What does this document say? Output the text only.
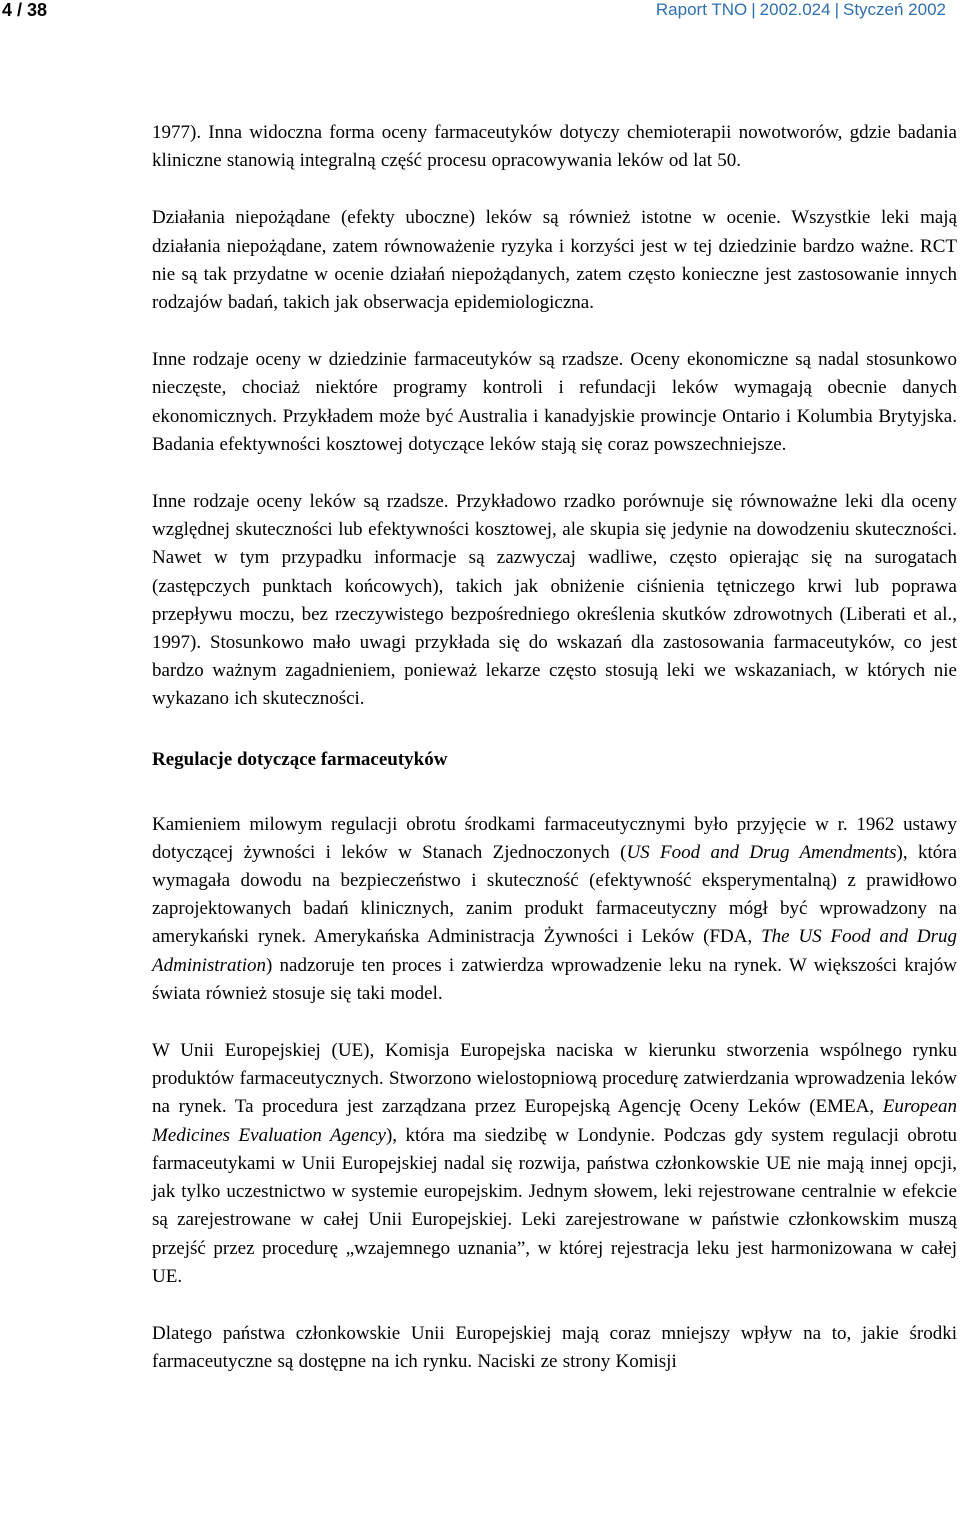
4 / 38	Raport TNO | 2002.024 | Styczeń 2002

1977). Inna widoczna forma oceny farmaceutyków dotyczy chemioterapii nowotworów, gdzie badania kliniczne stanowią integralną część procesu opracowywania leków od lat 50.

Działania niepożądane (efekty uboczne) leków są również istotne w ocenie. Wszystkie leki mają działania niepożądane, zatem równoważenie ryzyka i korzyści jest w tej dziedzinie bardzo ważne. RCT nie są tak przydatne w ocenie działań niepożądanych, zatem często konieczne jest zastosowanie innych rodzajów badań, takich jak obserwacja epidemiologiczna.

Inne rodzaje oceny w dziedzinie farmaceutyków są rzadsze. Oceny ekonomiczne są nadal stosunkowo nieczęste, chociaż niektóre programy kontroli i refundacji leków wymagają obecnie danych ekonomicznych. Przykładem może być Australia i kanadyjskie prowincje Ontario i Kolumbia Brytyjska. Badania efektywności kosztowej dotyczące leków stają się coraz powszechniejsze.

Inne rodzaje oceny leków są rzadsze. Przykładowo rzadko porównuje się równoważne leki dla oceny względnej skuteczności lub efektywności kosztowej, ale skupia się jedynie na dowodzeniu skuteczności. Nawet w tym przypadku informacje są zazwyczaj wadliwe, często opierając się na surogatach (zastępczych punktach końcowych), takich jak obniżenie ciśnienia tętniczego krwi lub poprawa przepływu moczu, bez rzeczywistego bezpośredniego określenia skutków zdrowotnych (Liberati et al., 1997). Stosunkowo mało uwagi przykłada się do wskazań dla zastosowania farmaceutyków, co jest bardzo ważnym zagadnieniem, ponieważ lekarze często stosują leki we wskazaniach, w których nie wykazano ich skuteczności.

Regulacje dotyczące farmaceutyków

Kamieniem milowym regulacji obrotu środkami farmaceutycznymi było przyjęcie w r. 1962 ustawy dotyczącej żywności i leków w Stanach Zjednoczonych (US Food and Drug Amendments), która wymagała dowodu na bezpieczeństwo i skuteczność (efektywność eksperymentalną) z prawidłowo zaprojektowanych badań klinicznych, zanim produkt farmaceutyczny mógł być wprowadzony na amerykański rynek. Amerykańska Administracja Żywności i Leków (FDA, The US Food and Drug Administration) nadzoruje ten proces i zatwierdza wprowadzenie leku na rynek. W większości krajów świata również stosuje się taki model.

W Unii Europejskiej (UE), Komisja Europejska naciska w kierunku stworzenia wspólnego rynku produktów farmaceutycznych. Stworzono wielostopniową procedurę zatwierdzania wprowadzenia leków na rynek. Ta procedura jest zarządzana przez Europejską Agencję Oceny Leków (EMEA, European Medicines Evaluation Agency), która ma siedzibę w Londynie. Podczas gdy system regulacji obrotu farmaceutykami w Unii Europejskiej nadal się rozwija, państwa członkowskie UE nie mają innej opcji, jak tylko uczestnictwo w systemie europejskim. Jednym słowem, leki rejestrowane centralnie w efekcie są zarejestrowane w całej Unii Europejskiej. Leki zarejestrowane w państwie członkowskim muszą przejść przez procedurę „wzajemnego uznania”, w której rejestracja leku jest harmonizowana w całej UE.

Dlatego państwa członkowskie Unii Europejskiej mają coraz mniejszy wpływ na to, jakie środki farmaceutyczne są dostępne na ich rynku. Naciski ze strony Komisji
